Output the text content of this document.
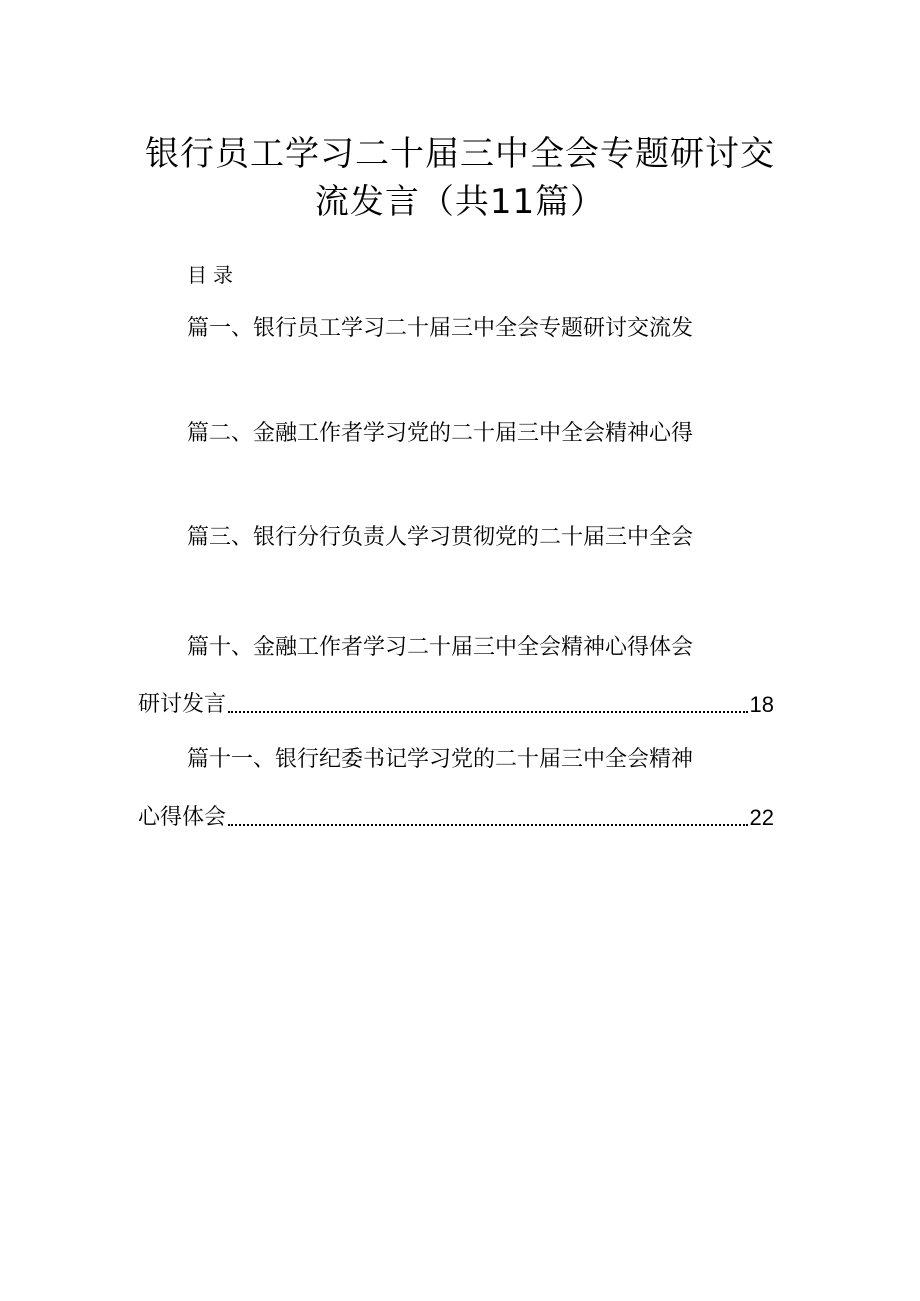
银行员工学习二十届三中全会专题研讨交
流发言（共11篇）
目录
篇一、银行员工学习二十届三中全会专题研讨交流发
篇二、金融工作者学习党的二十届三中全会精神心得
篇三、银行分行负责人学习贯彻党的二十届三中全会
篇十、金融工作者学习二十届三中全会精神心得体会
研讨发言	18
篇十一、银行纪委书记学习党的二十届三中全会精神
心得体会	22
